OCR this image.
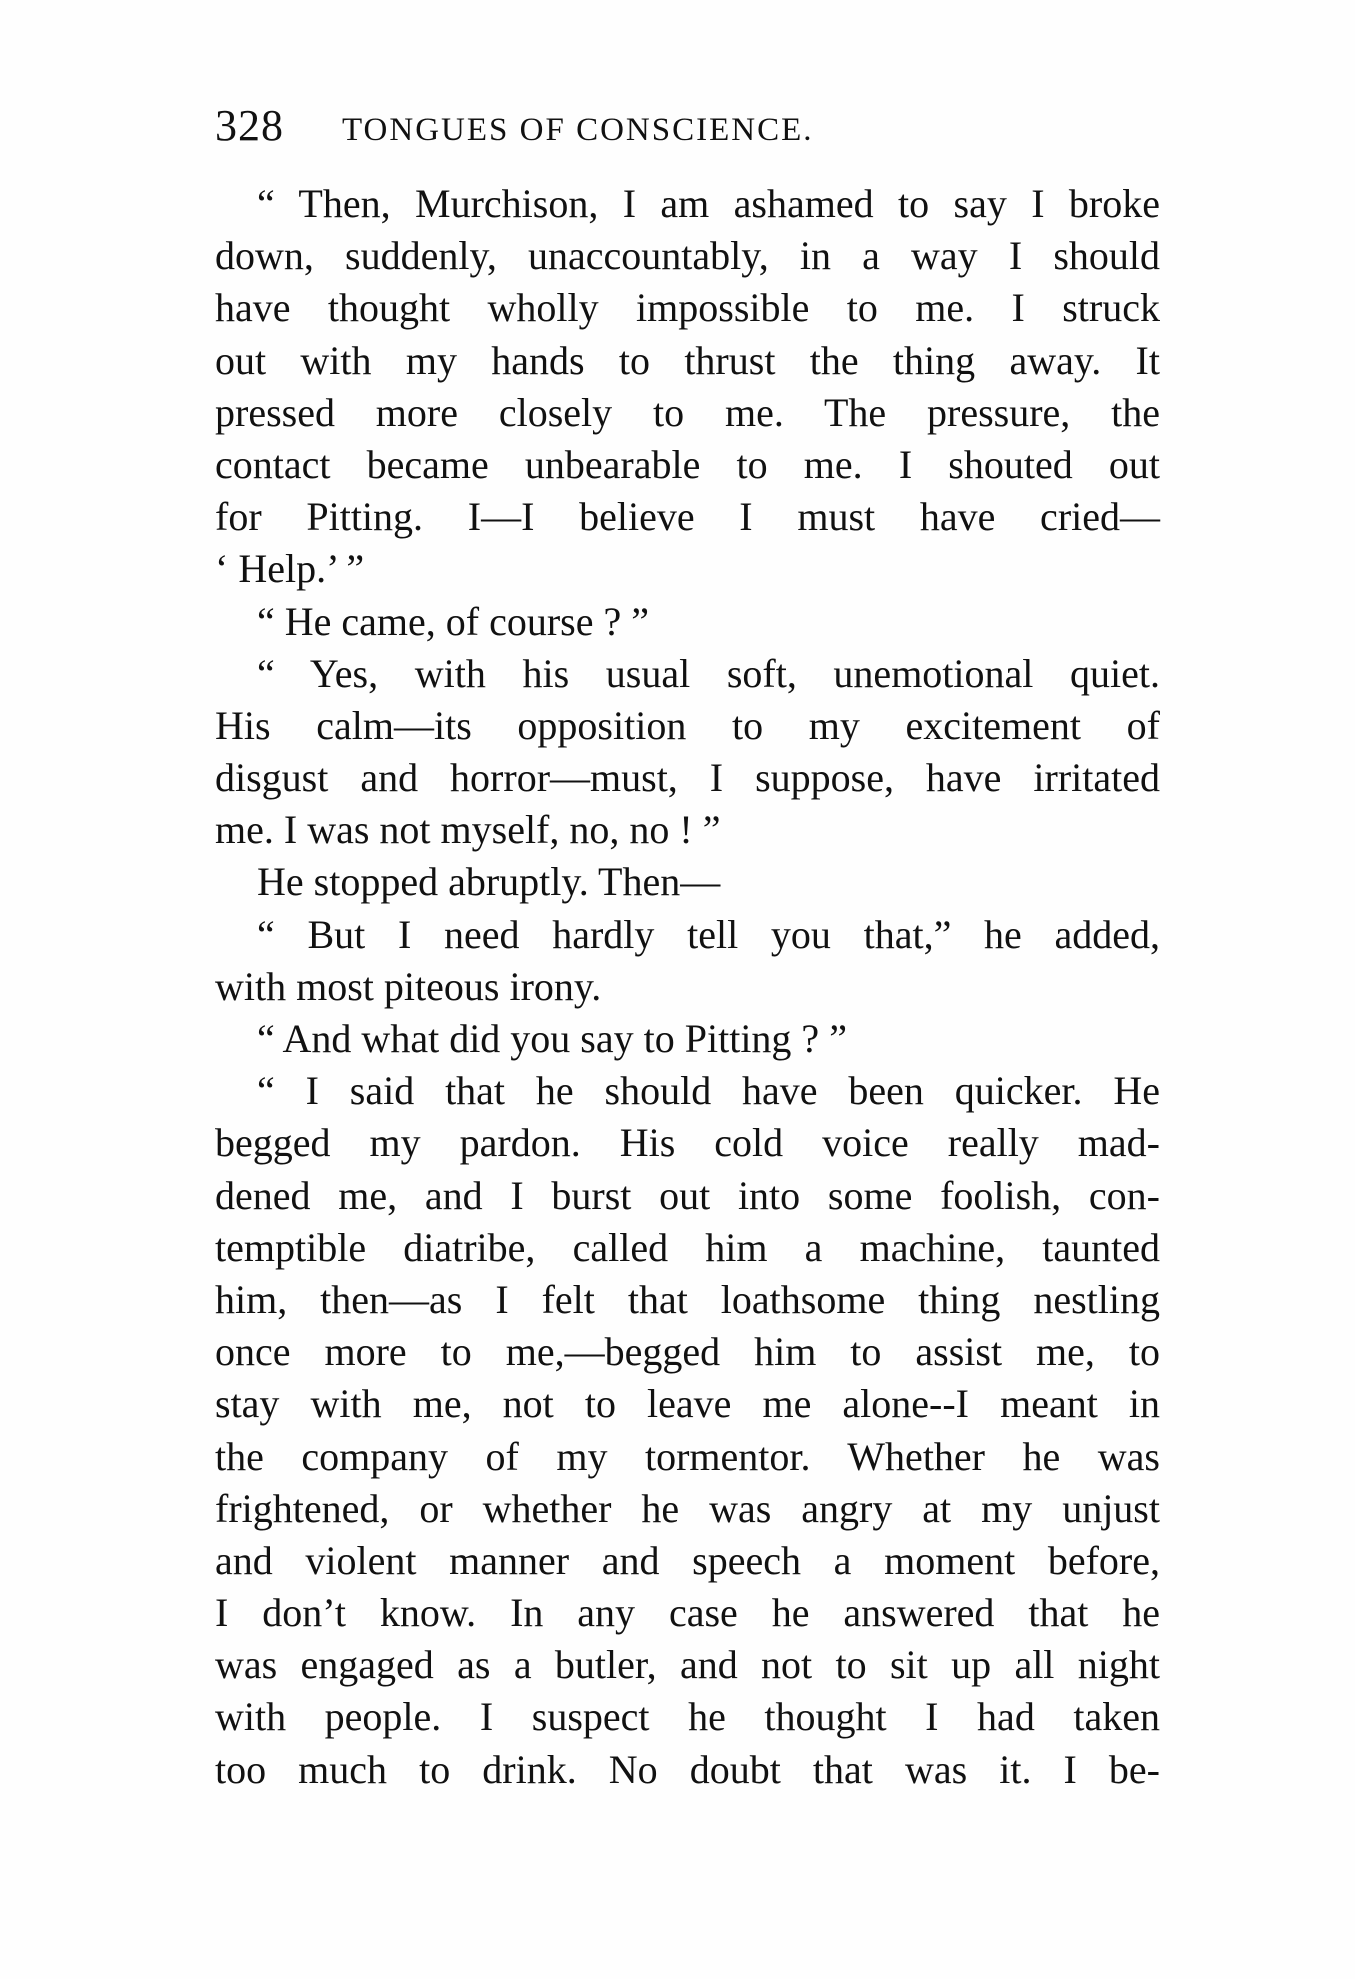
328 TONGUES OF CONSCIENCE.
“ Then, Murchison, I am ashamed to say I broke
down, suddenly, unaccountably, in a way I should
have thought wholly impossible to me. I struck
out with my hands to thrust the thing away. It
pressed more closely to me. The pressure, the
contact became unbearable to me. I shouted out
for Pitting. I—I believe I must have cried—
‘ Help.’ ”
“ He came, of course ? ”
“ Yes, with his usual soft, unemotional quiet.
His calm—its opposition to my excitement of
disgust and horror—must, I suppose, have irritated
me. I was not myself, no, no ! ”
He stopped abruptly. Then—
“ But I need hardly tell you that,” he added,
with most piteous irony.
“ And what did you say to Pitting ? ”
“ I said that he should have been quicker. He
begged my pardon. His cold voice really mad-
dened me, and I burst out into some foolish, con-
temptible diatribe, called him a machine, taunted
him, then—as I felt that loathsome thing nestling
once more to me,—begged him to assist me, to
stay with me, not to leave me alone--I meant in
the company of my tormentor. Whether he was
frightened, or whether he was angry at my unjust
and violent manner and speech a moment before,
I don’t know. In any case he answered that he
was engaged as a butler, and not to sit up all night
with people. I suspect he thought I had taken
too much to drink. No doubt that was it. I be-
